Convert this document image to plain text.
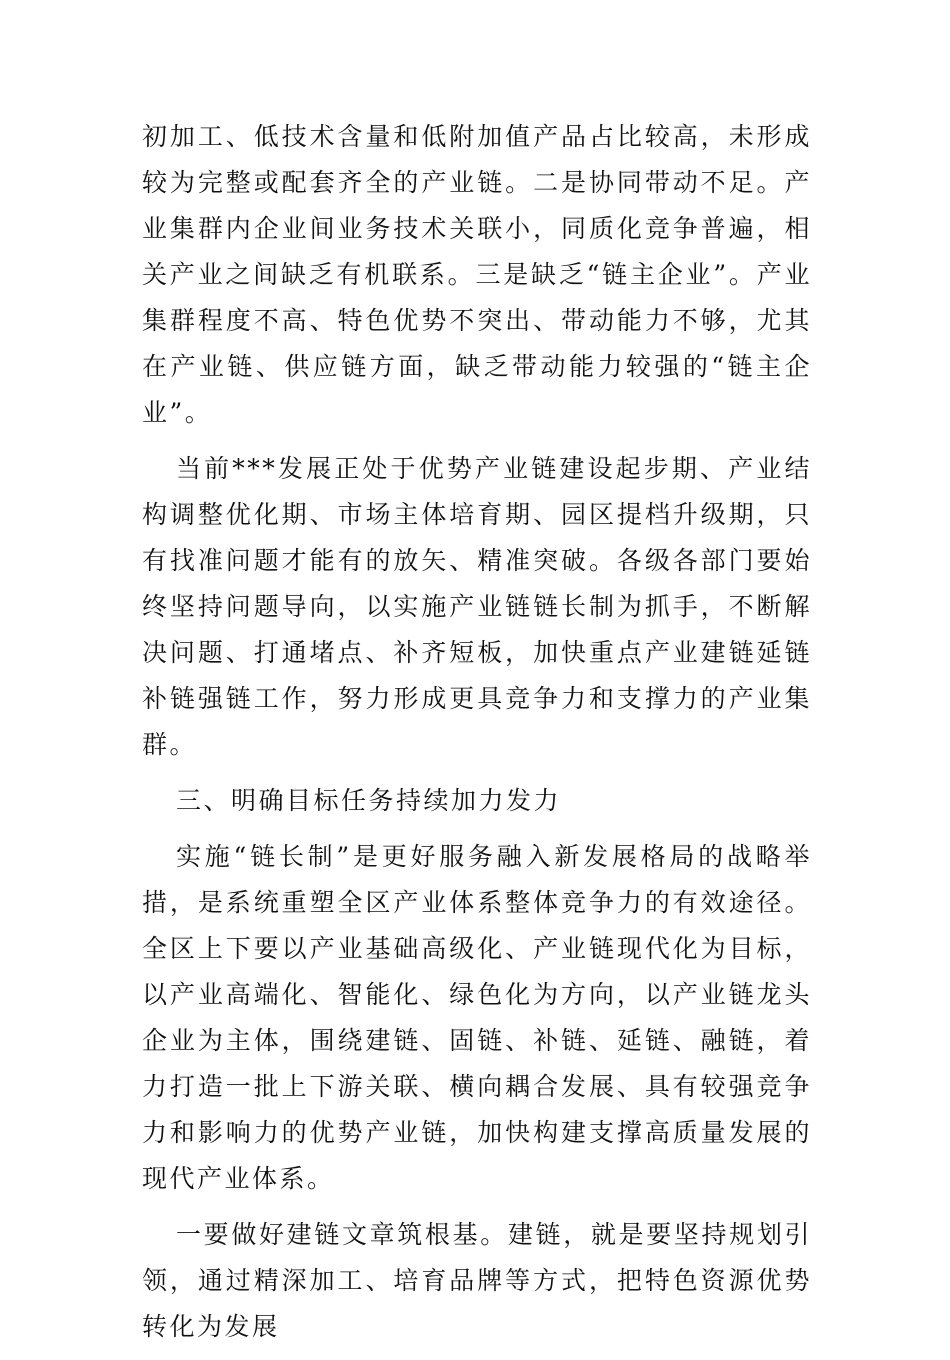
初加工、低技术含量和低附加值产品占比较高，未形成较为完整或配套齐全的产业链。二是协同带动不足。产业集群内企业间业务技术关联小，同质化竞争普遍，相关产业之间缺乏有机联系。三是缺乏“链主企业”。产业集群程度不高、特色优势不突出、带动能力不够，尤其在产业链、供应链方面，缺乏带动能力较强的“链主企业”。

当前***发展正处于优势产业链建设起步期、产业结构调整优化期、市场主体培育期、园区提档升级期，只有找准问题才能有的放矢、精准突破。各级各部门要始终坚持问题导向，以实施产业链链长制为抓手，不断解决问题、打通堵点、补齐短板，加快重点产业建链延链补链强链工作，努力形成更具竞争力和支撑力的产业集群。

三、明确目标任务持续加力发力

实施“链长制”是更好服务融入新发展格局的战略举措，是系统重塑全区产业体系整体竞争力的有效途径。全区上下要以产业基础高级化、产业链现代化为目标，以产业高端化、智能化、绿色化为方向，以产业链龙头企业为主体，围绕建链、固链、补链、延链、融链，着力打造一批上下游关联、横向耦合发展、具有较强竞争力和影响力的优势产业链，加快构建支撑高质量发展的现代产业体系。

一要做好建链文章筑根基。建链，就是要坚持规划引领，通过精深加工、培育品牌等方式，把特色资源优势转化为发展
